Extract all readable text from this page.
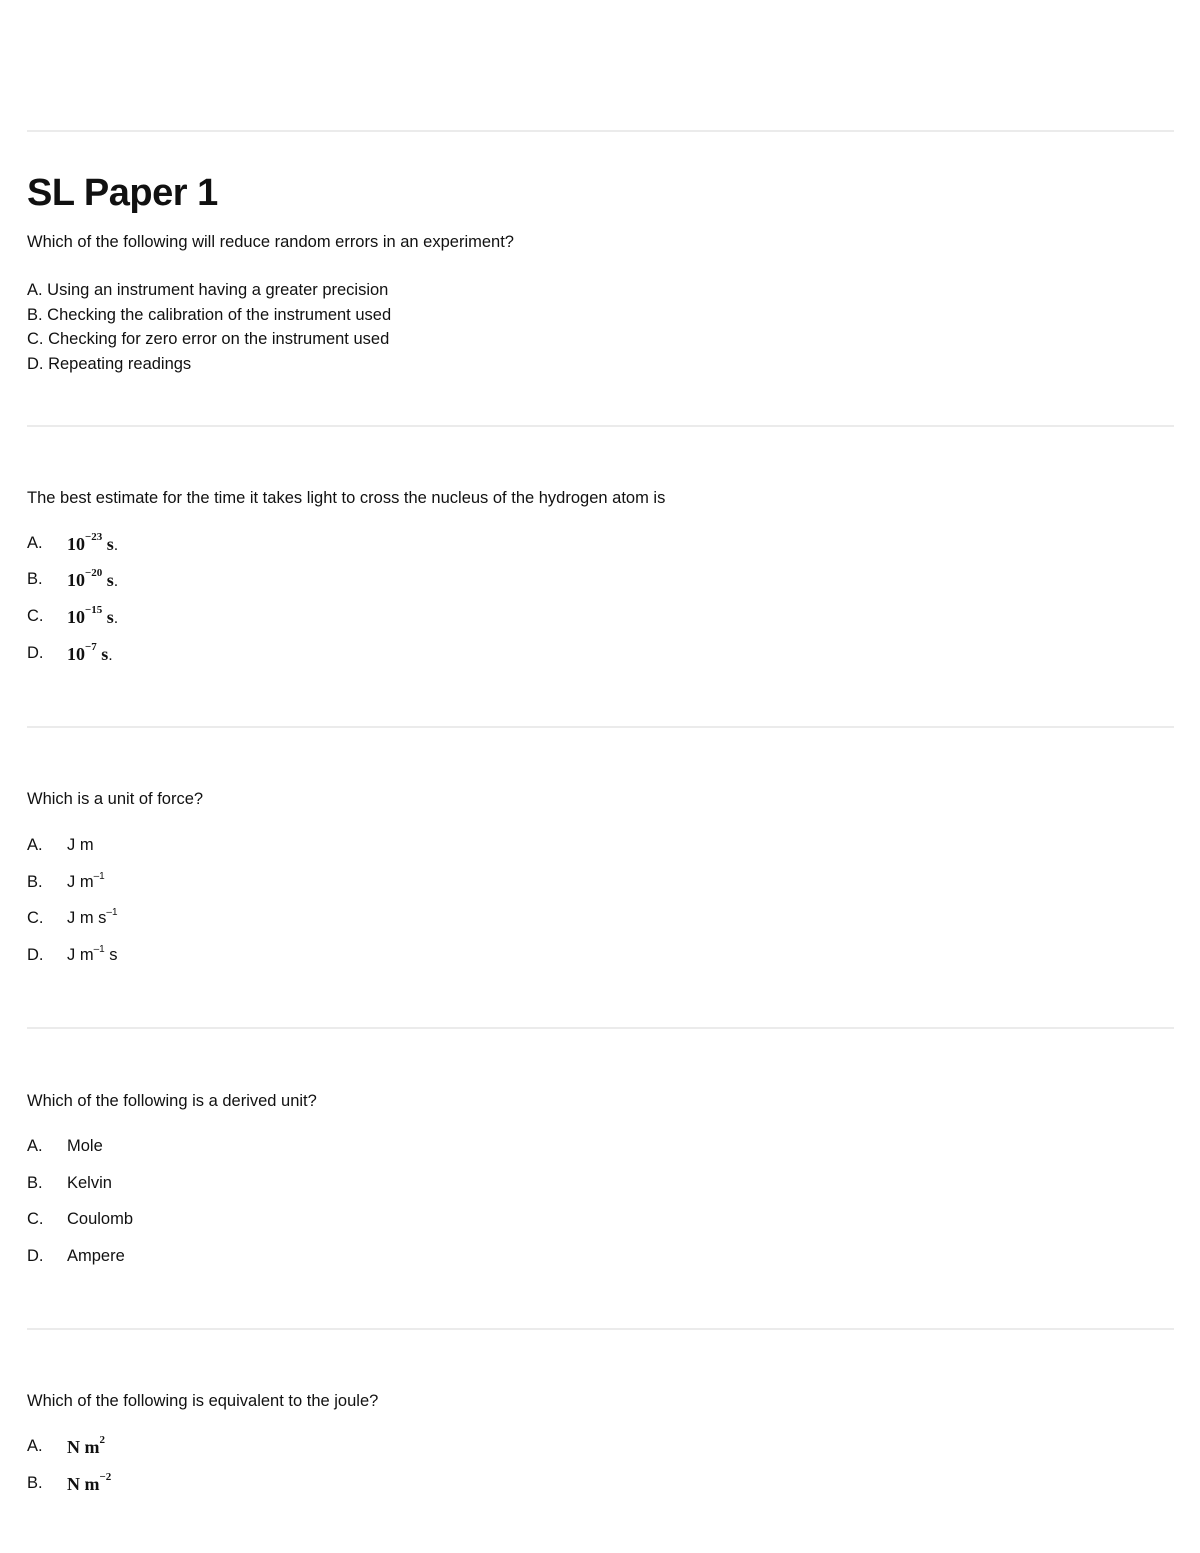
SL Paper 1
Which of the following will reduce random errors in an experiment?
A. Using an instrument having a greater precision
B. Checking the calibration of the instrument used
C. Checking for zero error on the instrument used
D. Repeating readings
The best estimate for the time it takes light to cross the nucleus of the hydrogen atom is
A. $10^{-23}$ s.
B. $10^{-20}$ s.
C. $10^{-15}$ s.
D. $10^{-7}$ s.
Which is a unit of force?
A. J m
B. J $m^{-1}$
C. J m $s^{-1}$
D. J $m^{-1}$ s
Which of the following is a derived unit?
A. Mole
B. Kelvin
C. Coulomb
D. Ampere
Which of the following is equivalent to the joule?
A. N $m^2$
B. N $m^{-2}$
